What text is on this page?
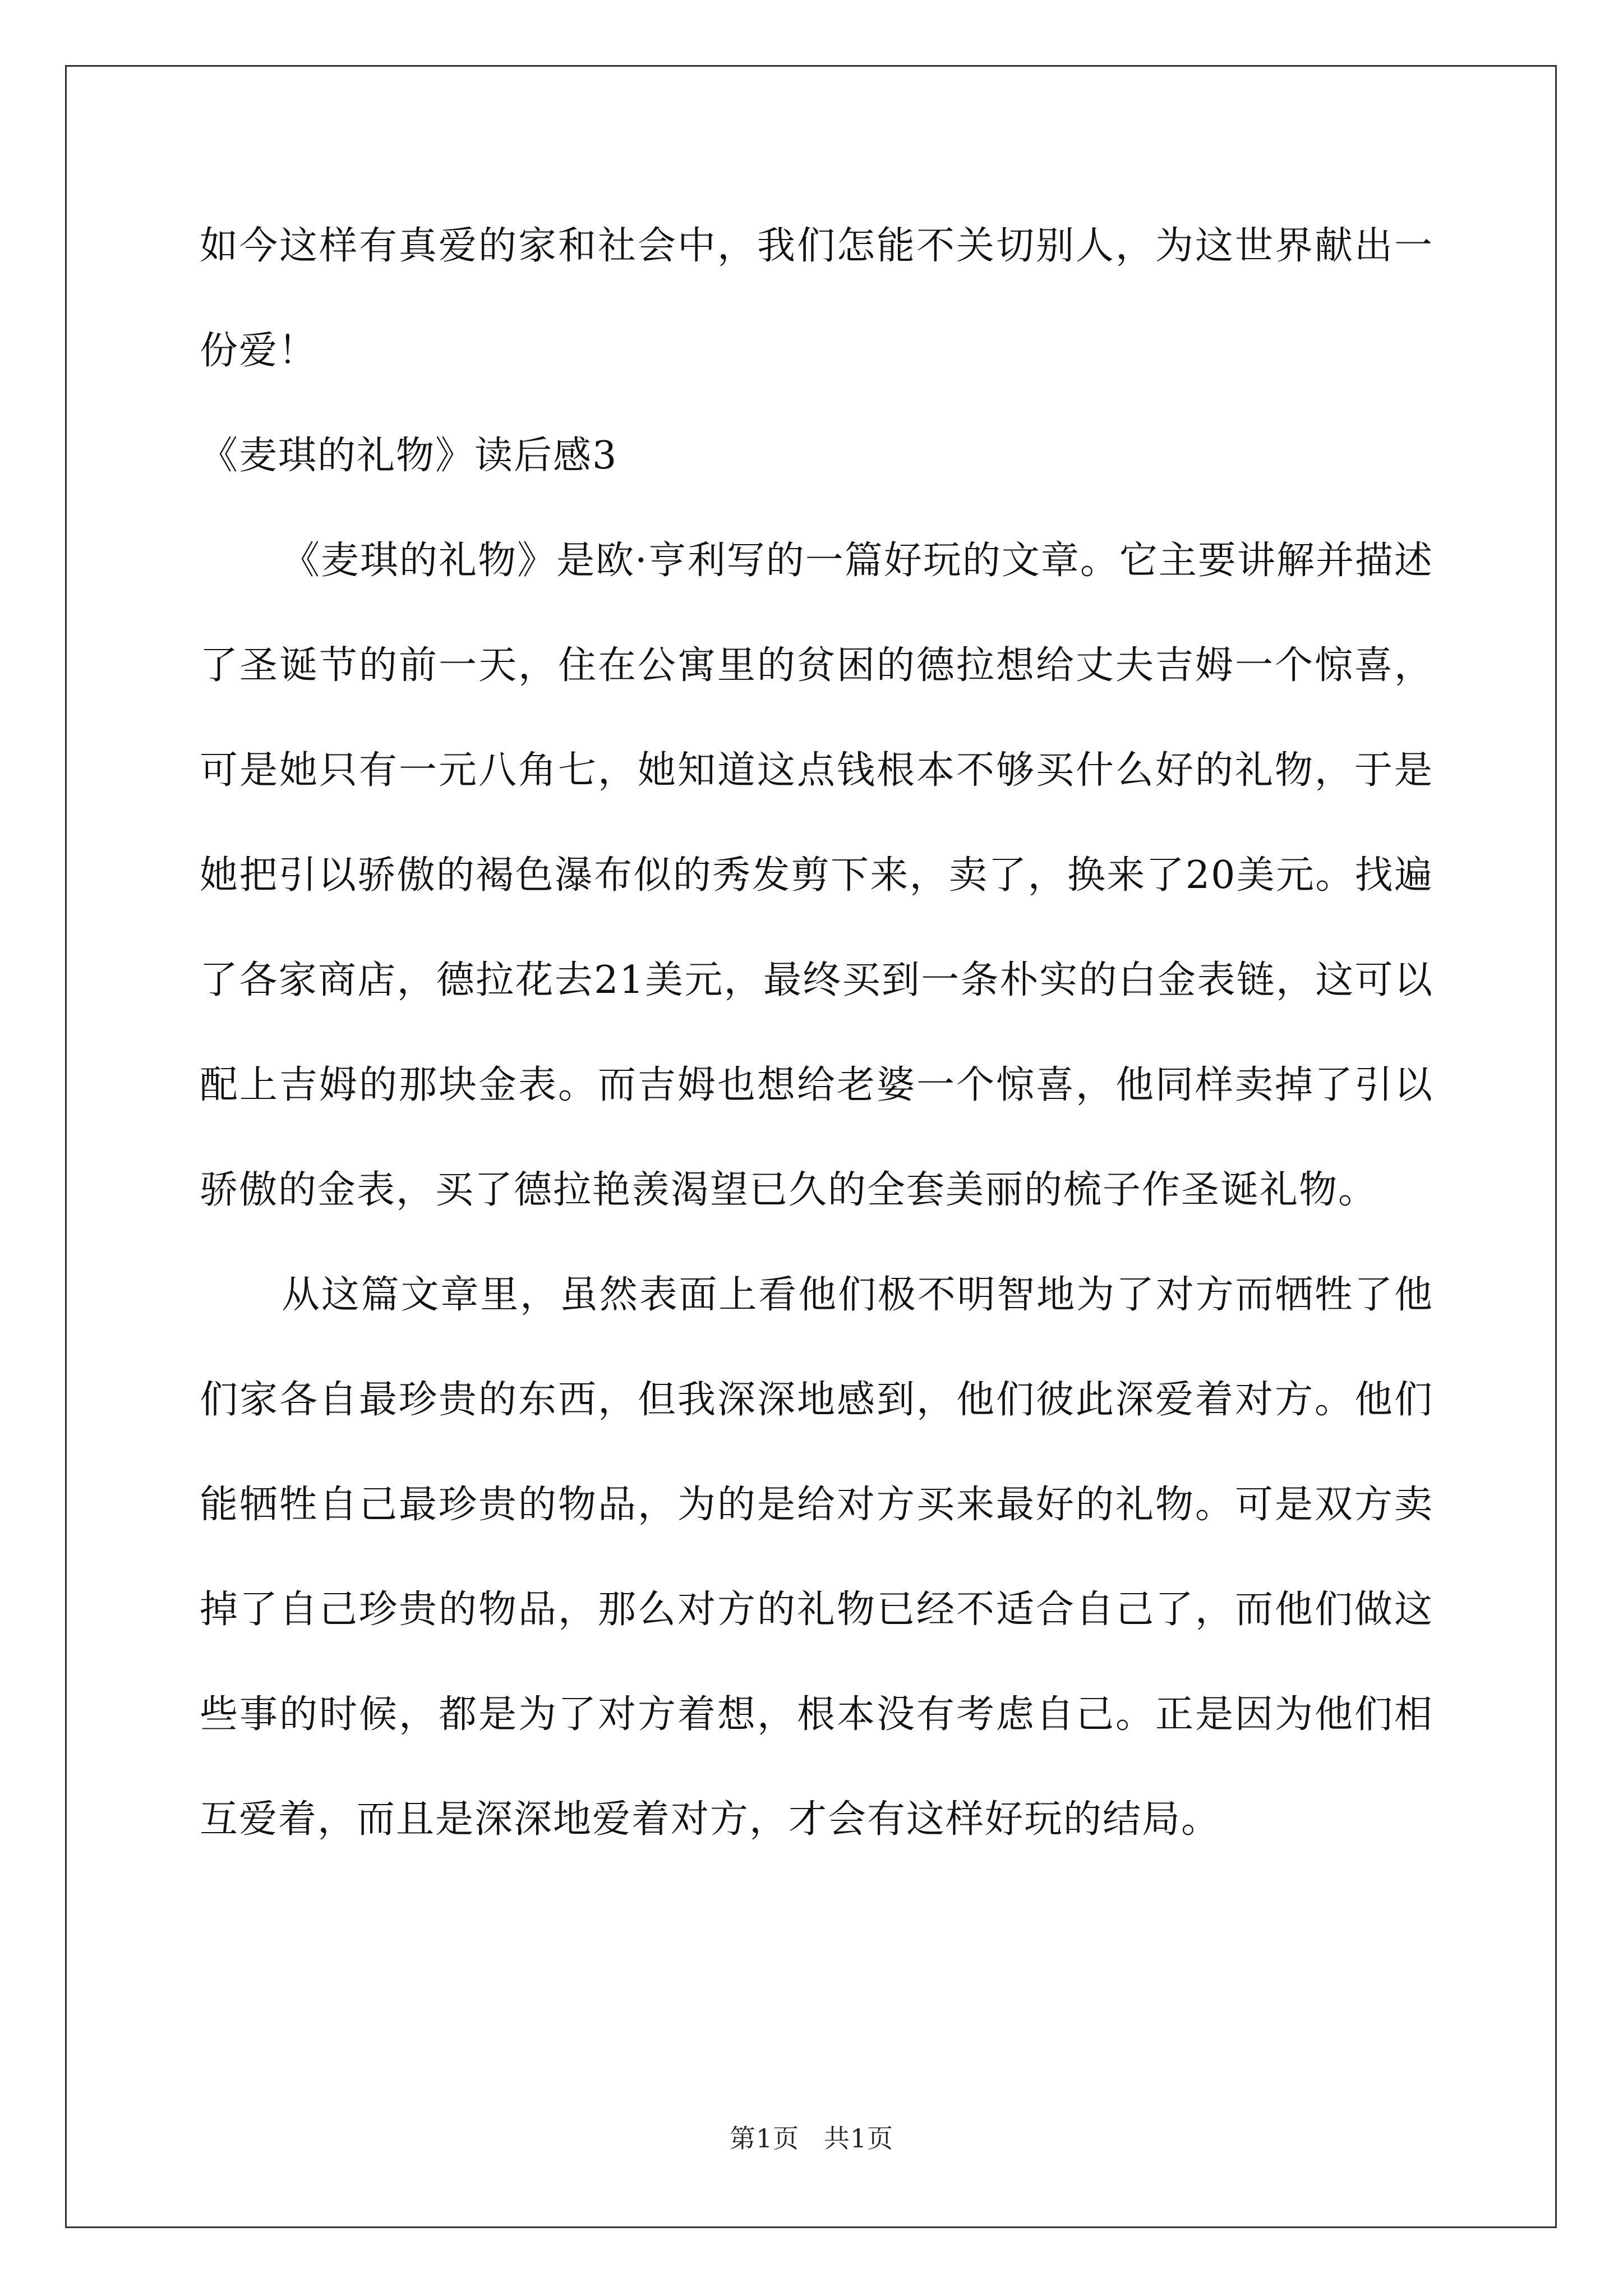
如今这样有真爱的家和社会中，我们怎能不关切别人，为这世界献出一份爱！

《麦琪的礼物》读后感3

《麦琪的礼物》是欧·亨利写的一篇好玩的文章。它主要讲解并描述了圣诞节的前一天，住在公寓里的贫困的德拉想给丈夫吉姆一个惊喜，可是她只有一元八角七，她知道这点钱根本不够买什么好的礼物，于是她把引以骄傲的褐色瀑布似的秀发剪下来，卖了，换来了20美元。找遍了各家商店，德拉花去21美元，最终买到一条朴实的白金表链，这可以配上吉姆的那块金表。而吉姆也想给老婆一个惊喜，他同样卖掉了引以骄傲的金表，买了德拉艳羡渴望已久的全套美丽的梳子作圣诞礼物。

从这篇文章里，虽然表面上看他们极不明智地为了对方而牺牲了他们家各自最珍贵的东西，但我深深地感到，他们彼此深爱着对方。他们能牺牲自己最珍贵的物品，为的是给对方买来最好的礼物。可是双方卖掉了自己珍贵的物品，那么对方的礼物已经不适合自己了，而他们做这些事的时候，都是为了对方着想，根本没有考虑自己。正是因为他们相互爱着，而且是深深地爱着对方，才会有这样好玩的结局。

第1页 共1页
